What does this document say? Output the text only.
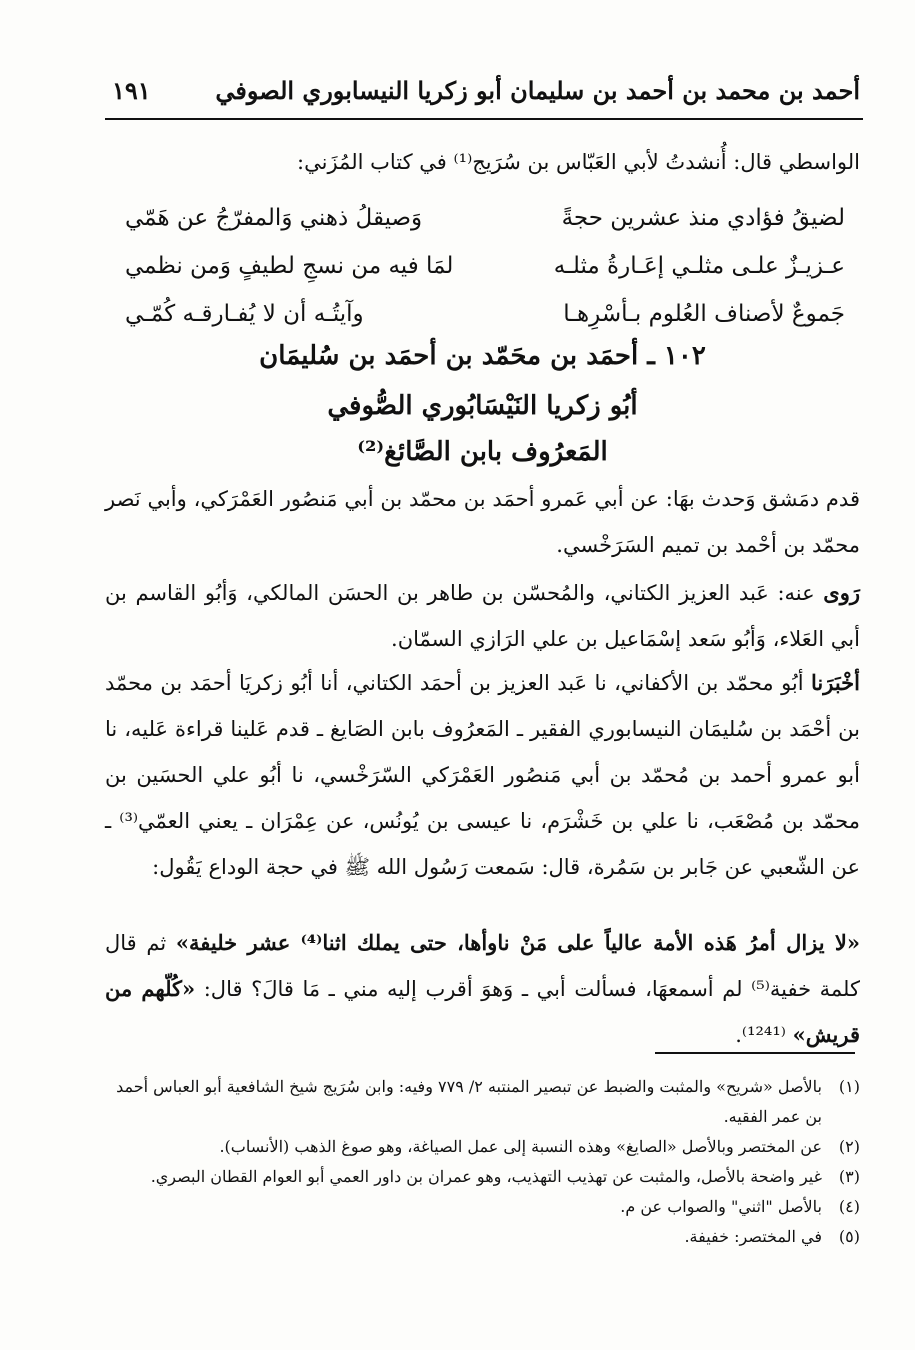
أحمد بن محمد بن أحمد بن سليمان أبو زكريا النيسابوري الصوفي
١٩١
الواسطي قال: أُنشدتُ لأبي العَبّاس بن سُرَيج⁽¹⁾ في كتاب المُزَني:
لضيقُ فؤادي منذ عشرين حجةً
وَصيقلُ ذهني وَالمفرّجُ عن هَمّي
عـزيـزٌ علـى مثلـي إعَـارةُ مثلـه
لمَا فيه من نسجِ لطيفٍ وَمن نظمي
جَموعٌ لأصناف العُلوم بـأسْرِهـا
وآيتُـه أن لا يُفـارقـه كُمّـي
١٠٢ ـ أحمَد بن محَمّد بن أحمَد بن سُليمَان
أبُو زكريا النَيْسَابُوري الصُّوفي
المَعرُوف بابن الصَّائغ⁽²⁾
قدم دمَشق وَحدث بهَا: عن أبي عَمرو أحمَد بن محمّد بن أبي مَنصُور العَمْرَكي، وأبي نَصر محمّد بن أحْمد بن تميم السَرَخْسي.
رَوى عنه: عَبد العزيز الكتاني، والمُحسّن بن طاهر بن الحسَن المالكي، وَأبُو القاسم بن أبي العَلاء، وَأبُو سَعد إسْمَاعيل بن علي الرَازي السمّان.
أخْبَرَنا أبُو محمّد بن الأكفاني، نا عَبد العزيز بن أحمَد الكتاني، أنا أبُو زكريَا أحمَد بن محمّد بن أحْمَد بن سُليمَان النيسابوري الفقير ـ المَعرُوف بابن الصَايغ ـ قدم عَلينا قراءة عَليه، نا أبو عمرو أحمد بن مُحمّد بن أبي مَنصُور العَمْرَكي السّرَخْسي، نا أبُو علي الحسَين بن محمّد بن مُصْعَب، نا علي بن خَشْرَم، نا عيسى بن يُونُس، عن عِمْرَان ـ يعني العمّي⁽³⁾ ـ عن الشّعبي عن جَابر بن سَمُرة، قال: سَمعت رَسُول الله ﷺ في حجة الوداع يَقُول:
«لا يزال أمرُ هَذه الأمة عالياً على مَنْ ناوأها، حتى يملك اثنا⁽⁴⁾ عشر خليفة» ثم قال كلمة خفية⁽⁵⁾ لم أسمعهَا، فسألت أبي ـ وَهوَ أقرب إليه مني ـ مَا قالَ؟ قال: «كُلّهم من قريش» ⁽¹²⁴¹⁾.
(١)
بالأصل «شريح» والمثبت والضبط عن تبصير المنتبه ٢/ ٧٧٩ وفيه: وابن سُرَيج شيخ الشافعية أبو العباس أحمد بن عمر الفقيه.
(٢)
عن المختصر وبالأصل «الصايغ» وهذه النسبة إلى عمل الصياغة، وهو صوغ الذهب (الأنساب).
(٣)
غير واضحة بالأصل، والمثبت عن تهذيب التهذيب، وهو عمران بن داور العمي أبو العوام القطان البصري.
(٤)
بالأصل "اثني" والصواب عن م.
(٥)
في المختصر: خفيفة.
